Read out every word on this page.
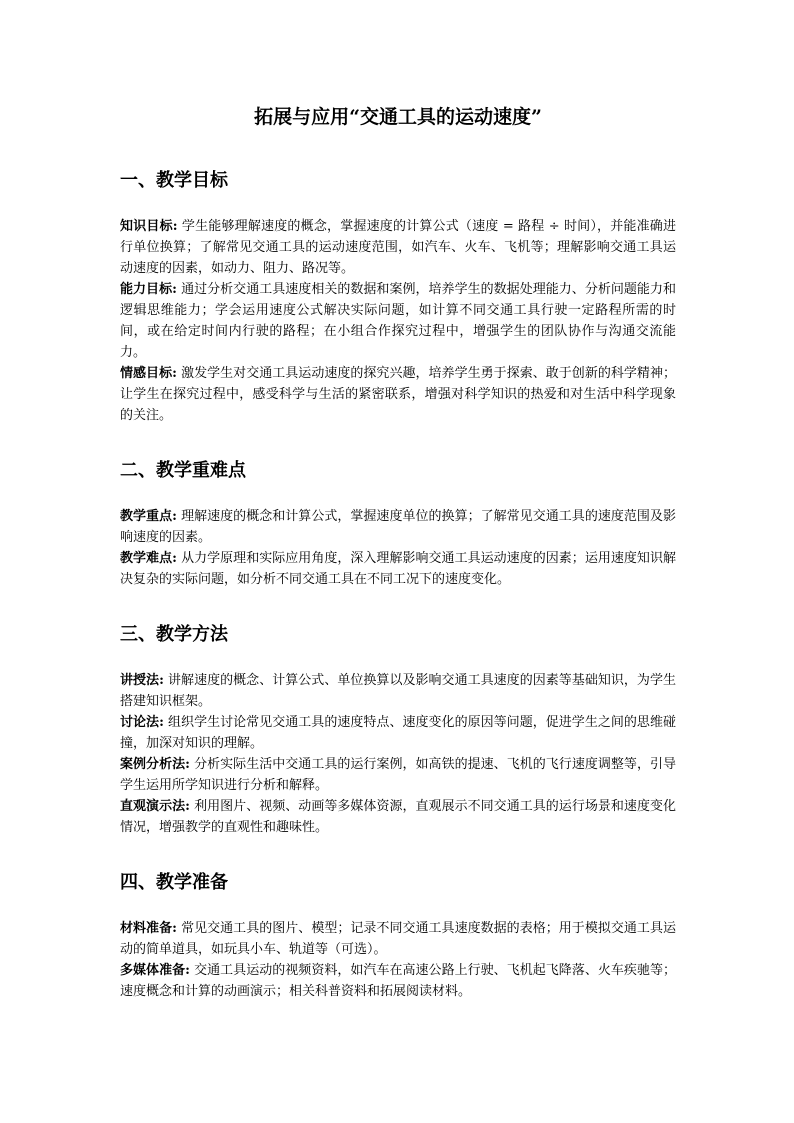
拓展与应用“交通工具的运动速度”
一、教学目标

知识目标: 学生能够理解速度的概念，掌握速度的计算公式（速度 = 路程 ÷ 时间），并能准确进行单位换算；了解常见交通工具的运动速度范围，如汽车、火车、飞机等；理解影响交通工具运动速度的因素，如动力、阻力、路况等。

能力目标: 通过分析交通工具速度相关的数据和案例，培养学生的数据处理能力、分析问题能力和逻辑思维能力；学会运用速度公式解决实际问题，如计算不同交通工具行驶一定路程所需的时间，或在给定时间内行驶的路程；在小组合作探究过程中，增强学生的团队协作与沟通交流能力。

情感目标: 激发学生对交通工具运动速度的探究兴趣，培养学生勇于探索、敢于创新的科学精神；让学生在探究过程中，感受科学与生活的紧密联系，增强对科学知识的热爱和对生活中科学现象的关注。

二、教学重难点

教学重点: 理解速度的概念和计算公式，掌握速度单位的换算；了解常见交通工具的速度范围及影响速度的因素。

教学难点: 从力学原理和实际应用角度，深入理解影响交通工具运动速度的因素；运用速度知识解决复杂的实际问题，如分析不同交通工具在不同工况下的速度变化。

三、教学方法

讲授法: 讲解速度的概念、计算公式、单位换算以及影响交通工具速度的因素等基础知识，为学生搭建知识框架。

讨论法: 组织学生讨论常见交通工具的速度特点、速度变化的原因等问题，促进学生之间的思维碰撞，加深对知识的理解。

案例分析法: 分析实际生活中交通工具的运行案例，如高铁的提速、飞机的飞行速度调整等，引导学生运用所学知识进行分析和解释。

直观演示法: 利用图片、视频、动画等多媒体资源，直观展示不同交通工具的运行场景和速度变化情况，增强教学的直观性和趣味性。

四、教学准备

材料准备: 常见交通工具的图片、模型；记录不同交通工具速度数据的表格；用于模拟交通工具运动的简单道具，如玩具小车、轨道等（可选）。

多媒体准备: 交通工具运动的视频资料，如汽车在高速公路上行驶、飞机起飞降落、火车疾驰等；速度概念和计算的动画演示；相关科普资料和拓展阅读材料。
